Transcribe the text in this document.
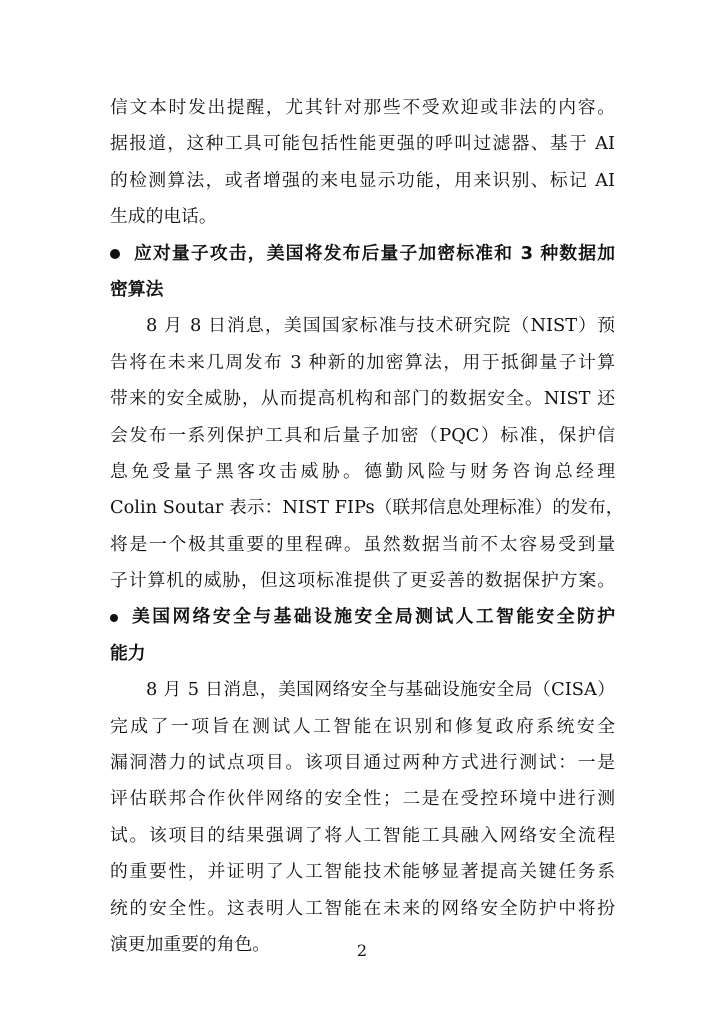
信文本时发出提醒，尤其针对那些不受欢迎或非法的内容。
据报道，这种工具可能包括性能更强的呼叫过滤器、基于 AI
的检测算法，或者增强的来电显示功能，用来识别、标记 AI
生成的电话。
应对量子攻击，美国将发布后量子加密标准和 3 种数据加
密算法
8 月 8 日消息，美国国家标准与技术研究院（NIST）预
告将在未来几周发布 3 种新的加密算法，用于抵御量子计算
带来的安全威胁，从而提高机构和部门的数据安全。NIST 还
会发布一系列保护工具和后量子加密（PQC）标准，保护信
息免受量子黑客攻击威胁。德勤风险与财务咨询总经理
Colin Soutar 表示：NIST FIPs（联邦信息处理标准）的发布，
将是一个极其重要的里程碑。虽然数据当前不太容易受到量
子计算机的威胁，但这项标准提供了更妥善的数据保护方案。
美国网络安全与基础设施安全局测试人工智能安全防护
能力
8 月 5 日消息，美国网络安全与基础设施安全局（CISA）
完成了一项旨在测试人工智能在识别和修复政府系统安全
漏洞潜力的试点项目。该项目通过两种方式进行测试：一是
评估联邦合作伙伴网络的安全性；二是在受控环境中进行测
试。该项目的结果强调了将人工智能工具融入网络安全流程
的重要性，并证明了人工智能技术能够显著提高关键任务系
统的安全性。这表明人工智能在未来的网络安全防护中将扮
演更加重要的角色。	2
